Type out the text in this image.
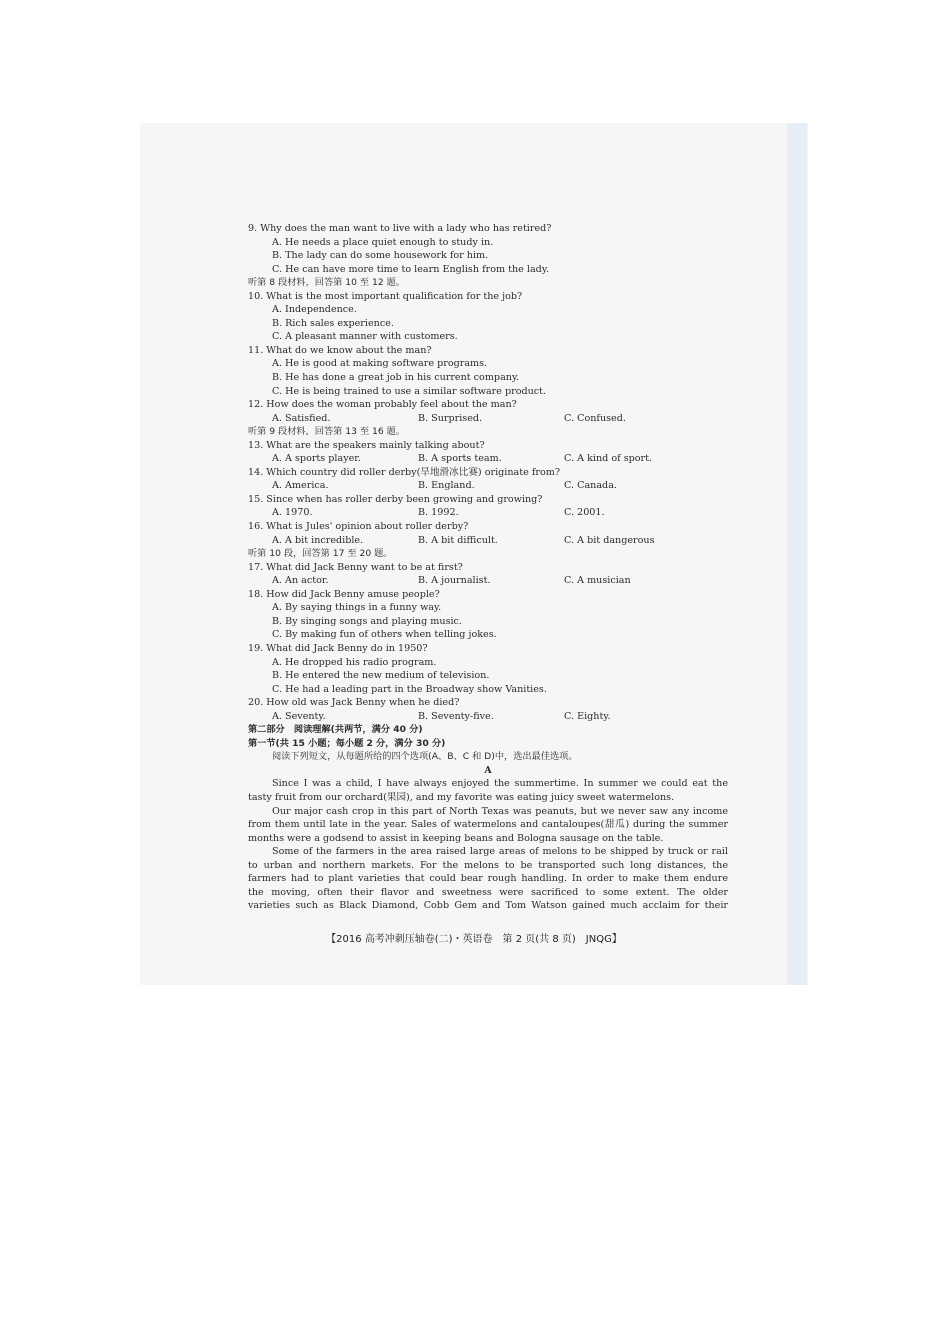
9. Why does the man want to live with a lady who has retired?
A. He needs a place quiet enough to study in.
B. The lady can do some housework for him.
C. He can have more time to learn English from the lady.
听第 8 段材料，回答第 10 至 12 题。
10. What is the most important qualification for the job?
A. Independence.
B. Rich sales experience.
C. A pleasant manner with customers.
11. What do we know about the man?
A. He is good at making software programs.
B. He has done a great job in his current company.
C. He is being trained to use a similar software product.
12. How does the woman probably feel about the man?
A. Satisfied.	B. Surprised.	C. Confused.
听第 9 段材料，回答第 13 至 16 题。
13. What are the speakers mainly talking about?
A. A sports player.	B. A sports team.	C. A kind of sport.
14. Which country did roller derby(旱地滑冰比赛) originate from?
A. America.	B. England.	C. Canada.
15. Since when has roller derby been growing and growing?
A. 1970.	B. 1992.	C. 2001.
16. What is Jules' opinion about roller derby?
A. A bit incredible.	B. A bit difficult.	C. A bit dangerous
听第 10 段，回答第 17 至 20 题。
17. What did Jack Benny want to be at first?
A. An actor.	B. A journalist.	C. A musician
18. How did Jack Benny amuse people?
A. By saying things in a funny way.
B. By singing songs and playing music.
C. By making fun of others when telling jokes.
19. What did Jack Benny do in 1950?
A. He dropped his radio program.
B. He entered the new medium of television.
C. He had a leading part in the Broadway show Vanities.
20. How old was Jack Benny when he died?
A. Seventy.	B. Seventy-five.	C. Eighty.
第二部分　阅读理解(共两节，满分 40 分)
第一节(共 15 小题；每小题 2 分，满分 30 分)
阅读下列短文，从每题所给的四个选项(A、B、C 和 D)中，选出最佳选项。
A
Since I was a child, I have always enjoyed the summertime. In summer we could eat the
tasty fruit from our orchard(果园), and my favorite was eating juicy sweet watermelons.
Our major cash crop in this part of North Texas was peanuts, but we never saw any income
from them until late in the year. Sales of watermelons and cantaloupes(甜瓜) during the summer
months were a godsend to assist in keeping beans and Bologna sausage on the table.
Some of the farmers in the area raised large areas of melons to be shipped by truck or rail
to urban and northern markets. For the melons to be transported such long distances, the
farmers had to plant varieties that could bear rough handling. In order to make them endure
the moving, often their flavor and sweetness were sacrificed to some extent. The older
varieties such as Black Diamond, Cobb Gem and Tom Watson gained much acclaim for their
【2016 高考冲刺压轴卷(二)・英语卷　第 2 页(共 8 页)　JNQG】
